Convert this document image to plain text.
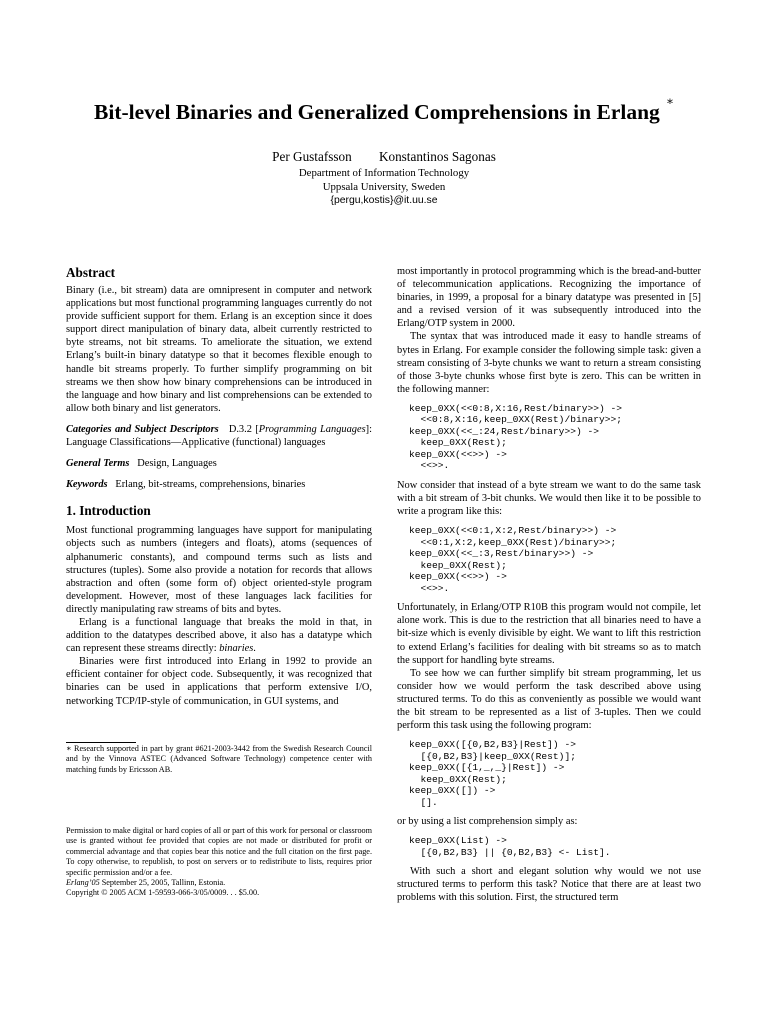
Bit-level Binaries and Generalized Comprehensions in Erlang ∗
Per Gustafsson Konstantinos Sagonas
Department of Information Technology
Uppsala University, Sweden
{pergu,kostis}@it.uu.se
Abstract

Binary (i.e., bit stream) data are omnipresent in computer and network applications but most functional programming languages currently do not provide sufficient support for them. Erlang is an exception since it does support direct manipulation of binary data, albeit currently restricted to byte streams, not bit streams. To ameliorate the situation, we extend Erlang’s built-in binary datatype so that it becomes flexible enough to handle bit streams properly. To further simplify programming on bit streams we then show how binary comprehensions can be introduced in the language and how binary and list comprehensions can be extended to allow both binary and list generators.

Categories and Subject Descriptors D.3.2 [Programming Languages]: Language Classifications—Applicative (functional) languages

General Terms Design, Languages

Keywords Erlang, bit-streams, comprehensions, binaries

1. Introduction

Most functional programming languages have support for manipulating objects such as numbers (integers and floats), atoms (sequences of alphanumeric constants), and compound terms such as lists and structures (tuples). Some also provide a notation for records that allows abstraction and often (some form of) object oriented-style program development. However, most of these languages lack facilities for directly manipulating raw streams of bits and bytes.

Erlang is a functional language that breaks the mold in that, in addition to the datatypes described above, it also has a datatype which can represent these streams directly: binaries.

Binaries were first introduced into Erlang in 1992 to provide an efficient container for object code. Subsequently, it was recognized that binaries can be used in applications that perform extensive I/O, networking TCP/IP-style of communication, in GUI systems, and

∗ Research supported in part by grant #621-2003-3442 from the Swedish Research Council and by the Vinnova ASTEC (Advanced Software Technology) competence center with matching funds by Ericsson AB.

Permission to make digital or hard copies of all or part of this work for personal or classroom use is granted without fee provided that copies are not made or distributed for profit or commercial advantage and that copies bear this notice and the full citation on the first page. To copy otherwise, to republish, to post on servers or to redistribute to lists, requires prior specific permission and/or a fee.

Erlang’05 September 25, 2005, Tallinn, Estonia.

Copyright © 2005 ACM 1-59593-066-3/05/0009. . . $5.00.

most importantly in protocol programming which is the bread-and-butter of telecommunication applications. Recognizing the importance of binaries, in 1999, a proposal for a binary datatype was presented in [5] and a revised version of it was subsequently introduced into the Erlang/OTP system in 2000.

The syntax that was introduced made it easy to handle streams of bytes in Erlang. For example consider the following simple task: given a stream consisting of 3-byte chunks we want to return a stream consisting of those 3-byte chunks whose first byte is zero. This can be written in the following manner:

keep_0XX(<<0:8,X:16,Rest/binary>>) ->
<<0:8,X:16,keep_0XX(Rest)/binary>>;
keep_0XX(<<_:24,Rest/binary>>) ->
keep_0XX(Rest);
keep_0XX(<<>>) ->
<<>>.

Now consider that instead of a byte stream we want to do the same task with a bit stream of 3-bit chunks. We would then like it to be possible to write a program like this:

keep_0XX(<<0:1,X:2,Rest/binary>>) ->
<<0:1,X:2,keep_0XX(Rest)/binary>>;
keep_0XX(<<_:3,Rest/binary>>) ->
keep_0XX(Rest);
keep_0XX(<<>>) ->
<<>>.

Unfortunately, in Erlang/OTP R10B this program would not compile, let alone work. This is due to the restriction that all binaries need to have a bit-size which is evenly divisible by eight. We want to lift this restriction to extend Erlang’s facilities for dealing with bit streams so as to match the support for handling byte streams.

To see how we can further simplify bit stream programming, let us consider how we would perform the task described above using structured terms. To do this as conveniently as possible we would want the bit stream to be represented as a list of 3-tuples. Then we could perform this task using the following program:

keep_0XX([{0,B2,B3}|Rest]) ->
[{0,B2,B3}|keep_0XX(Rest)];
keep_0XX([{1,_,_}|Rest]) ->
keep_0XX(Rest);
keep_0XX([]) ->
[].

or by using a list comprehension simply as:

keep_0XX(List) ->
[{0,B2,B3} || {0,B2,B3} <- List].

With such a short and elegant solution why would we not use structured terms to perform this task? Notice that there are at least two problems with this solution. First, the structured term
